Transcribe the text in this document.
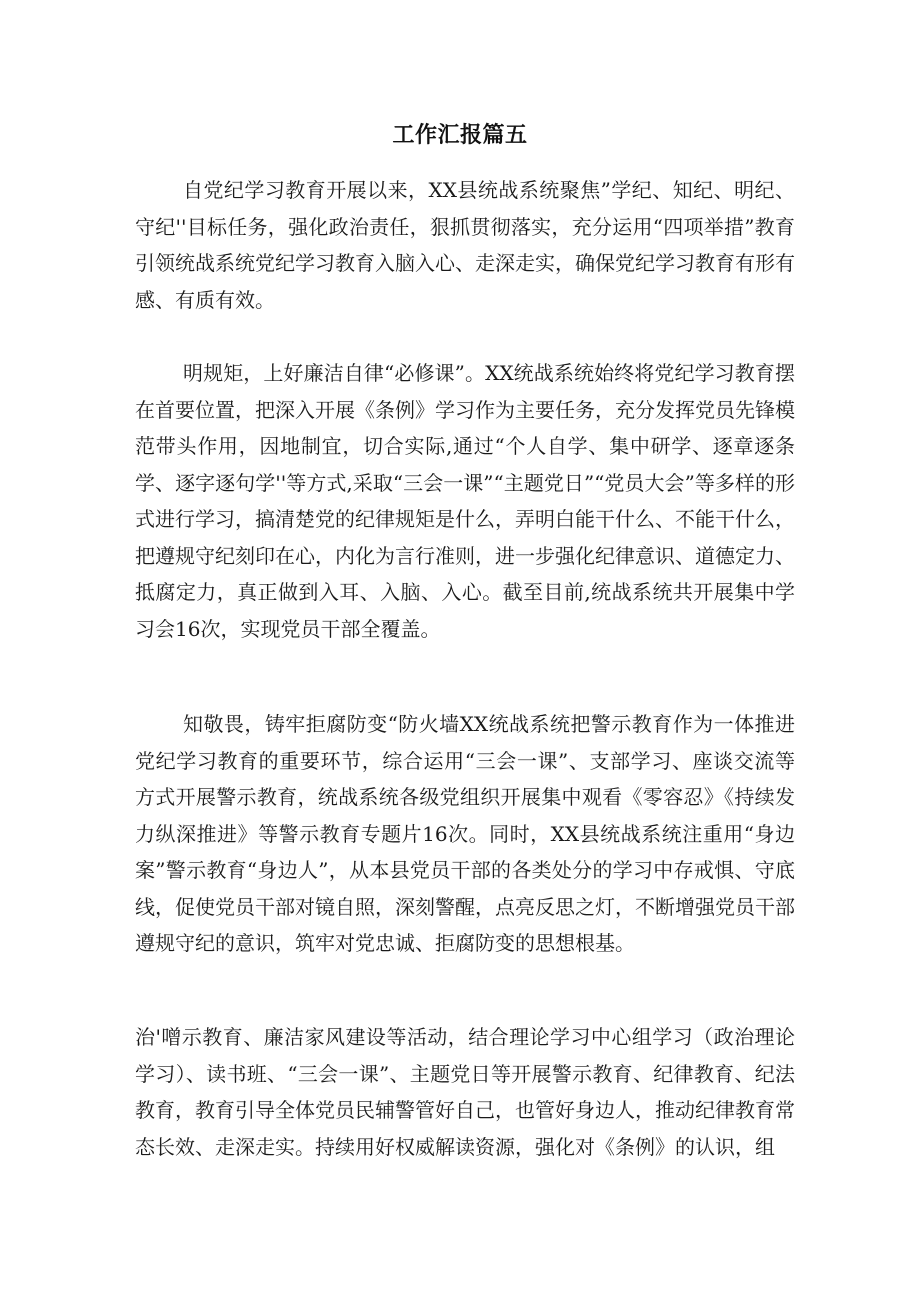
工作汇报篇五

自党纪学习教育开展以来，XX县统战系统聚焦”学纪、知纪、明纪、守纪''目标任务，强化政治责任，狠抓贯彻落实，充分运用“四项举措”教育引领统战系统党纪学习教育入脑入心、走深走实，确保党纪学习教育有形有感、有质有效。

明规矩，上好廉洁自律“必修课”。XX统战系统始终将党纪学习教育摆在首要位置，把深入开展《条例》学习作为主要任务，充分发挥党员先锋模范带头作用，因地制宜，切合实际,通过“个人自学、集中研学、逐章逐条学、逐字逐句学''等方式,采取“三会一课”“主题党日”“党员大会”等多样的形式进行学习，搞清楚党的纪律规矩是什么，弄明白能干什么、不能干什么，把遵规守纪刻印在心，内化为言行准则，进一步强化纪律意识、道德定力、抵腐定力，真正做到入耳、入脑、入心。截至目前,统战系统共开展集中学习会16次，实现党员干部全覆盖。

知敬畏，铸牢拒腐防变“防火墙XX统战系统把警示教育作为一体推进党纪学习教育的重要环节，综合运用“三会一课”、支部学习、座谈交流等方式开展警示教育，统战系统各级党组织开展集中观看《零容忍》《持续发力纵深推进》等警示教育专题片16次。同时，XX县统战系统注重用“身边案”警示教育“身边人”，从本县党员干部的各类处分的学习中存戒惧、守底线，促使党员干部对镜自照，深刻警醒，点亮反思之灯，不断增强党员干部遵规守纪的意识，筑牢对党忠诚、拒腐防变的思想根基。

治'噌示教育、廉洁家风建设等活动，结合理论学习中心组学习（政治理论学习）、读书班、“三会一课”、主题党日等开展警示教育、纪律教育、纪法教育，教育引导全体党员民辅警管好自己，也管好身边人，推动纪律教育常态长效、走深走实。持续用好权威解读资源，强化对《条例》的认识，组
